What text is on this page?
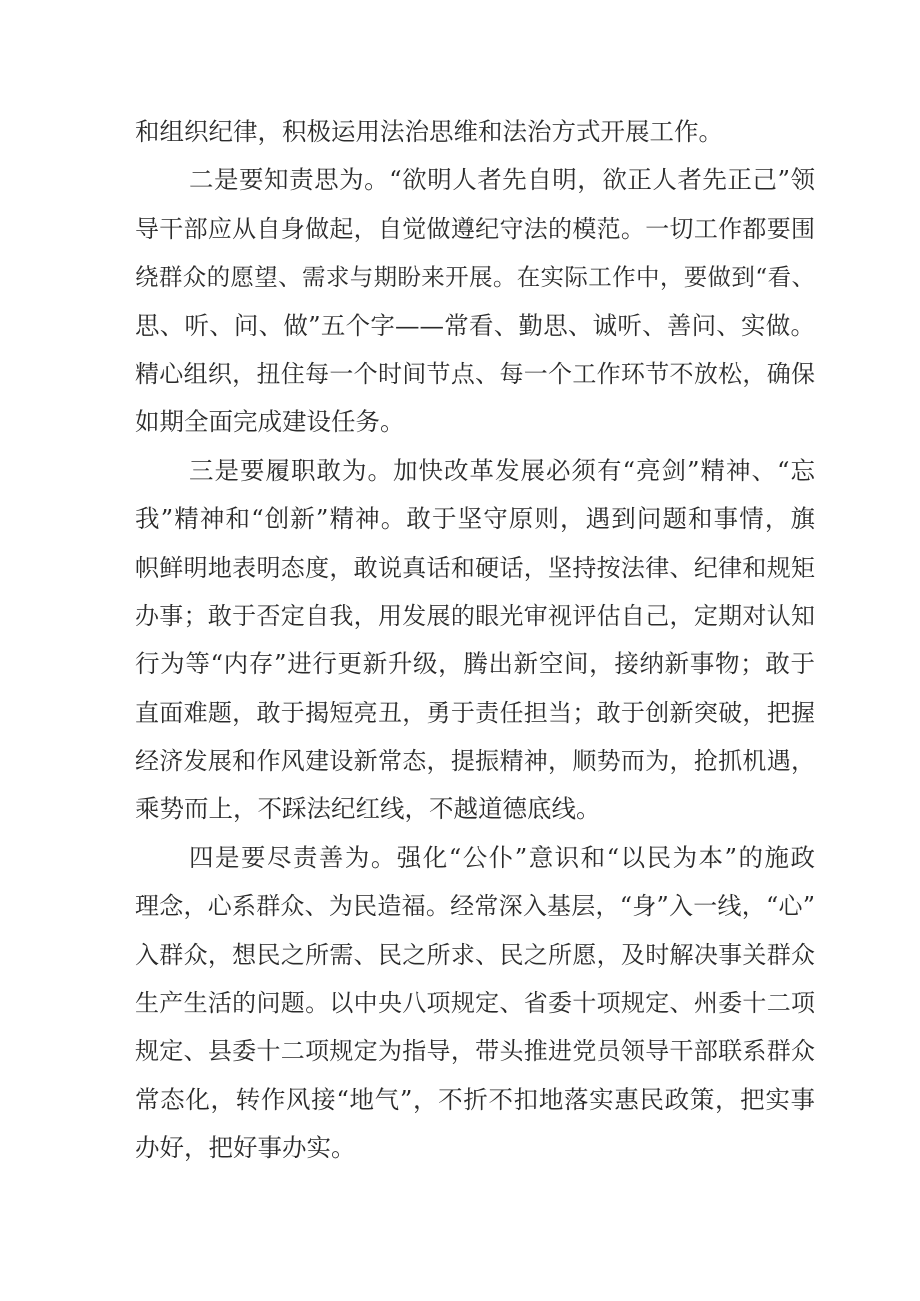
和组织纪律，积极运用法治思维和法治方式开展工作。
二是要知责思为。“欲明人者先自明，欲正人者先正己”领
导干部应从自身做起，自觉做遵纪守法的模范。一切工作都要围
绕群众的愿望、需求与期盼来开展。在实际工作中，要做到“看、
思、听、问、做”五个字——常看、勤思、诚听、善问、实做。
精心组织，扭住每一个时间节点、每一个工作环节不放松，确保
如期全面完成建设任务。
三是要履职敢为。加快改革发展必须有“亮剑”精神、“忘
我”精神和“创新”精神。敢于坚守原则，遇到问题和事情，旗
帜鲜明地表明态度，敢说真话和硬话，坚持按法律、纪律和规矩
办事；敢于否定自我，用发展的眼光审视评估自己，定期对认知
行为等“内存”进行更新升级，腾出新空间，接纳新事物；敢于
直面难题，敢于揭短亮丑，勇于责任担当；敢于创新突破，把握
经济发展和作风建设新常态，提振精神，顺势而为，抢抓机遇，
乘势而上，不踩法纪红线，不越道德底线。
四是要尽责善为。强化“公仆”意识和“以民为本”的施政
理念，心系群众、为民造福。经常深入基层，“身”入一线，“心”
入群众，想民之所需、民之所求、民之所愿，及时解决事关群众
生产生活的问题。以中央八项规定、省委十项规定、州委十二项
规定、县委十二项规定为指导，带头推进党员领导干部联系群众
常态化，转作风接“地气”，不折不扣地落实惠民政策，把实事
办好，把好事办实。
